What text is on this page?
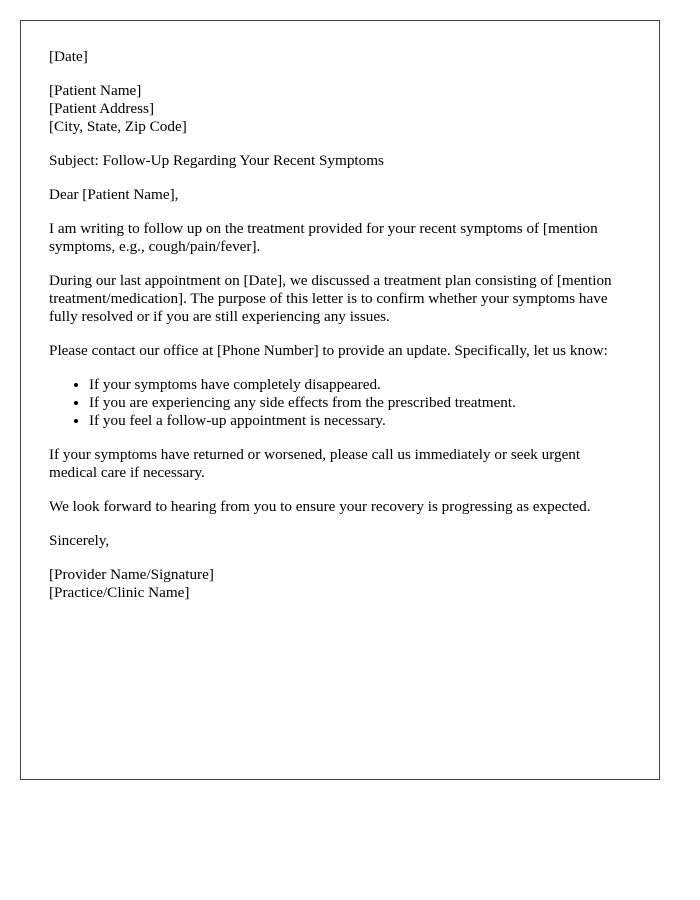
[Date]

[Patient Name]
[Patient Address]
[City, State, Zip Code]

Subject: Follow-Up Regarding Your Recent Symptoms

Dear [Patient Name],

I am writing to follow up on the treatment provided for your recent symptoms of [mention symptoms, e.g., cough/pain/fever].

During our last appointment on [Date], we discussed a treatment plan consisting of [mention treatment/medication]. The purpose of this letter is to confirm whether your symptoms have fully resolved or if you are still experiencing any issues.

Please contact our office at [Phone Number] to provide an update. Specifically, let us know:

• If your symptoms have completely disappeared.
• If you are experiencing any side effects from the prescribed treatment.
• If you feel a follow-up appointment is necessary.

If your symptoms have returned or worsened, please call us immediately or seek urgent medical care if necessary.

We look forward to hearing from you to ensure your recovery is progressing as expected.

Sincerely,

[Provider Name/Signature]
[Practice/Clinic Name]
